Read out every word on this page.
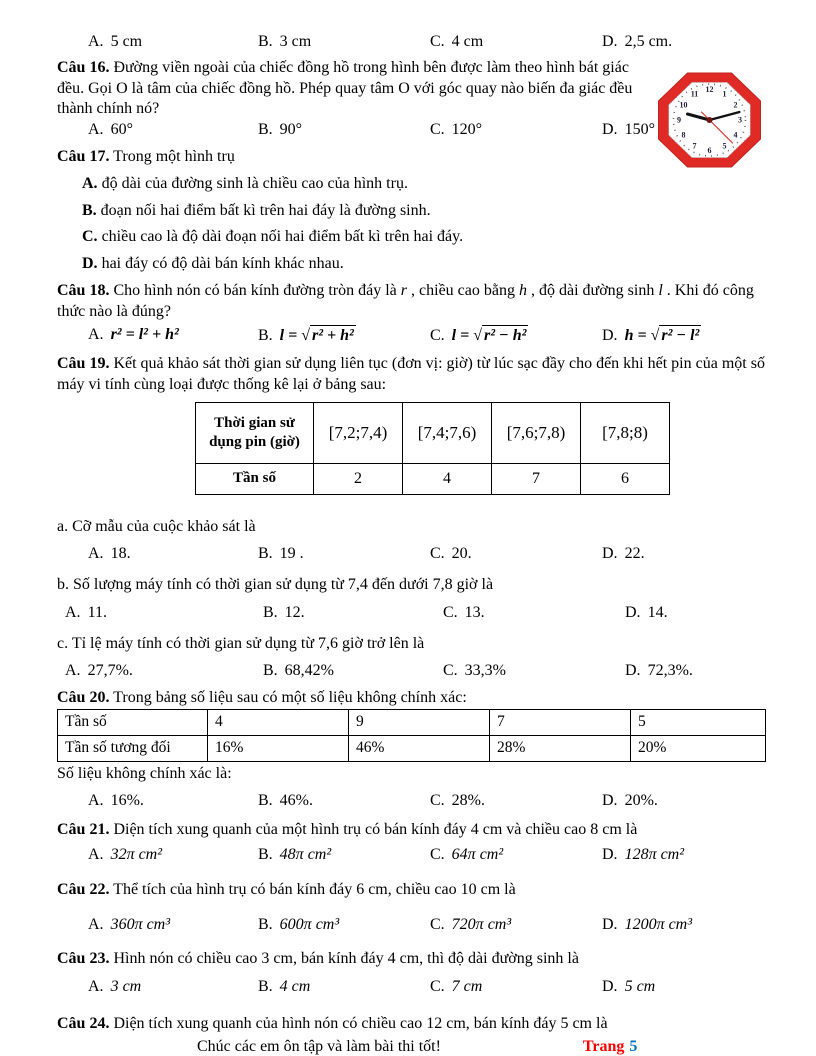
A. 5 cm	B. 3 cm	C. 4 cm	D. 2,5 cm.

Câu 16. Đường viền ngoài của chiếc đồng hồ trong hình bên được làm theo hình bát giác đều. Gọi O là tâm của chiếc đồng hồ. Phép quay tâm O với góc quay nào biến đa giác đều thành chính nó?

A. 60°	B. 90°	C. 120°	D. 150°
12 1
2
3
4
5
6
7
8
9
10
11

Câu 17. Trong một hình trụ

A. độ dài của đường sinh là chiều cao của hình trụ.

B. đoạn nối hai điểm bất kì trên hai đáy là đường sinh.

C. chiều cao là độ dài đoạn nối hai điểm bất kì trên hai đáy.

D. hai đáy có độ dài bán kính khác nhau.

Câu 18. Cho hình nón có bán kính đường tròn đáy là r , chiều cao bằng h , độ dài đường sinh l . Khi đó công thức nào là đúng?

A. r² = l² + h²	B. l = √ r² + h²	C. l = √ r² − h²	D. h = √ r² − l²

Câu 19. Kết quả khảo sát thời gian sử dụng liên tục (đơn vị: giờ) từ lúc sạc đầy cho đến khi hết pin của một số máy vi tính cùng loại được thống kê lại ở bảng sau:

Thời gian sử dụng pin (giờ)	[7,2;7,4)	[7,4;7,6)	[7,6;7,8)	[7,8;8)
Tần số	2	4	7	6

a. Cỡ mẫu của cuộc khảo sát là

A. 18.	B. 19 .	C. 20.	D. 22.

b. Số lượng máy tính có thời gian sử dụng từ 7,4 đến dưới 7,8 giờ là

A. 11.	B. 12.	C. 13.	D. 14.

c. Tỉ lệ máy tính có thời gian sử dụng từ 7,6 giờ trở lên là

A. 27,7%.	B. 68,42%	C. 33,3%	D. 72,3%.

Câu 20. Trong bảng số liệu sau có một số liệu không chính xác:

Tần số	4	9	7	5
Tần số tương đối	16%	46%	28%	20%

Số liệu không chính xác là:

A. 16%.	B. 46%.	C. 28%.	D. 20%.

Câu 21. Diện tích xung quanh của một hình trụ có bán kính đáy 4 cm và chiều cao 8 cm là

A. 32π cm²	B. 48π cm²	C. 64π cm²	D. 128π cm²

Câu 22. Thể tích của hình trụ có bán kính đáy 6 cm, chiều cao 10 cm là

A. 360π cm³	B. 600π cm³	C. 720π cm³	D. 1200π cm³

Câu 23. Hình nón có chiều cao 3 cm, bán kính đáy 4 cm, thì độ dài đường sinh là

A. 3 cm	B. 4 cm	C. 7 cm	D. 5 cm

Câu 24. Diện tích xung quanh của hình nón có chiều cao 12 cm, bán kính đáy 5 cm là

Chúc các em ôn tập và làm bài thi tốt!	Trang 5
